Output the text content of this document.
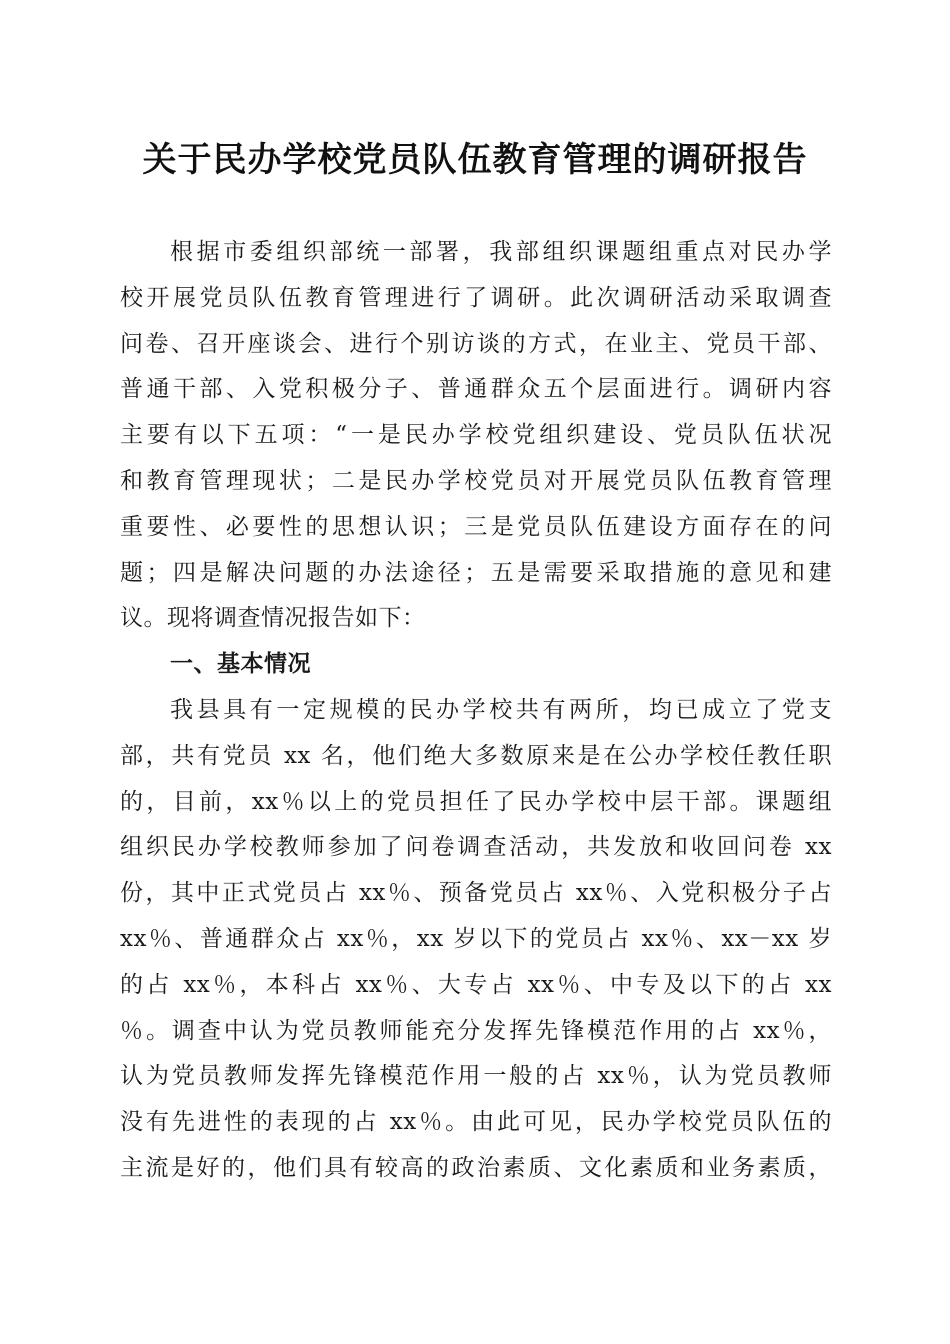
关于民办学校党员队伍教育管理的调研报告
根据市委组织部统一部署，我部组织课题组重点对民办学
校开展党员队伍教育管理进行了调研。此次调研活动采取调查
问卷、召开座谈会、进行个别访谈的方式，在业主、党员干部、
普通干部、入党积极分子、普通群众五个层面进行。调研内容
主要有以下五项：“一是民办学校党组织建设、党员队伍状况
和教育管理现状；二是民办学校党员对开展党员队伍教育管理
重要性、必要性的思想认识；三是党员队伍建设方面存在的问
题；四是解决问题的办法途径；五是需要采取措施的意见和建
议。现将调查情况报告如下：
一、基本情况
我县具有一定规模的民办学校共有两所，均已成立了党支
部，共有党员 xx 名，他们绝大多数原来是在公办学校任教任职
的，目前，xx％以上的党员担任了民办学校中层干部。课题组
组织民办学校教师参加了问卷调查活动，共发放和收回问卷 xx
份，其中正式党员占 xx％、预备党员占 xx％、入党积极分子占
xx％、普通群众占 xx％，xx 岁以下的党员占 xx％、xx－xx 岁
的占 xx％，本科占 xx％、大专占 xx％、中专及以下的占 xx
％。调查中认为党员教师能充分发挥先锋模范作用的占 xx％，
认为党员教师发挥先锋模范作用一般的占 xx％，认为党员教师
没有先进性的表现的占 xx％。由此可见，民办学校党员队伍的
主流是好的，他们具有较高的政治素质、文化素质和业务素质，
